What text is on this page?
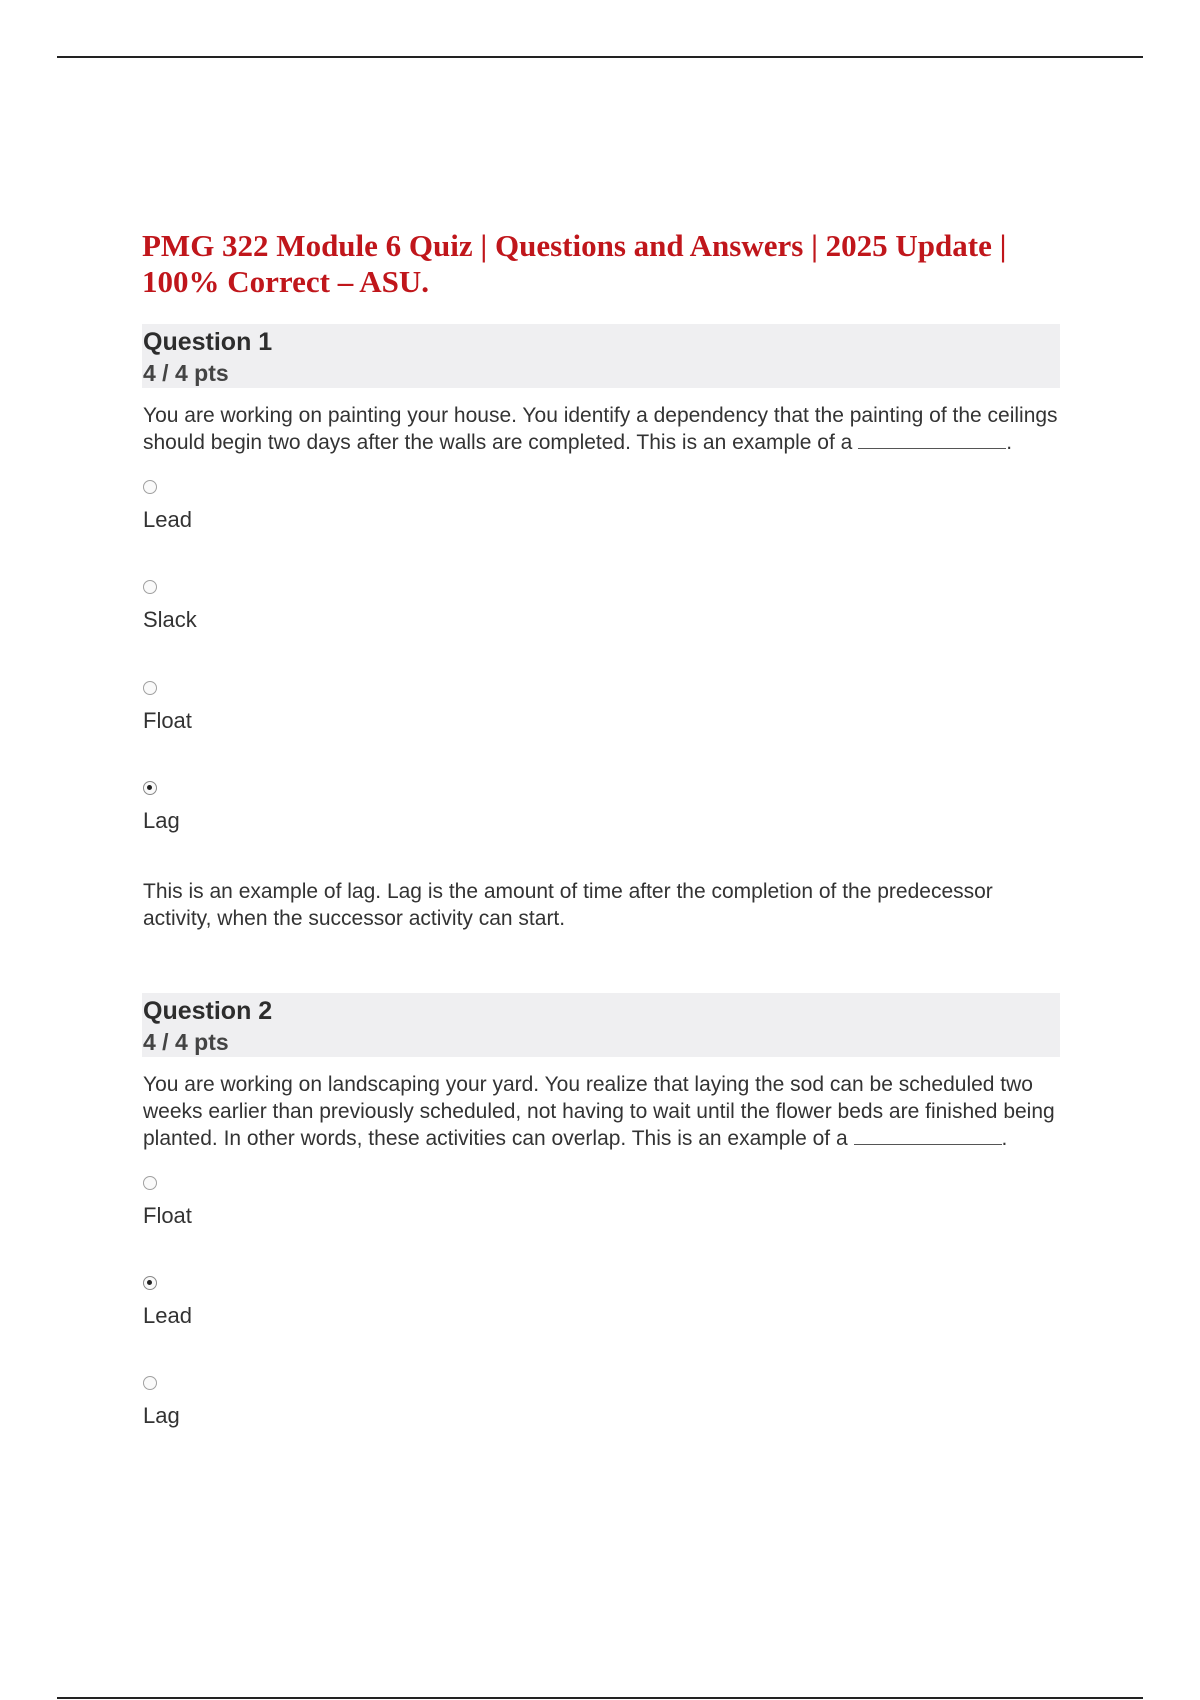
PMG 322 Module 6 Quiz | Questions and Answers | 2025 Update | 100% Correct – ASU.
Question 1
4 / 4 pts

You are working on painting your house. You identify a dependency that the painting of the ceilings should begin two days after the walls are completed. This is an example of a	.

Lead
Slack
Float
Lag

This is an example of lag. Lag is the amount of time after the completion of the predecessor activity, when the successor activity can start.

Question 2
4 / 4 pts

You are working on landscaping your yard. You realize that laying the sod can be scheduled two weeks earlier than previously scheduled, not having to wait until the flower beds are finished being planted. In other words, these activities can overlap. This is an example of a	.

Float
Lead
Lag
